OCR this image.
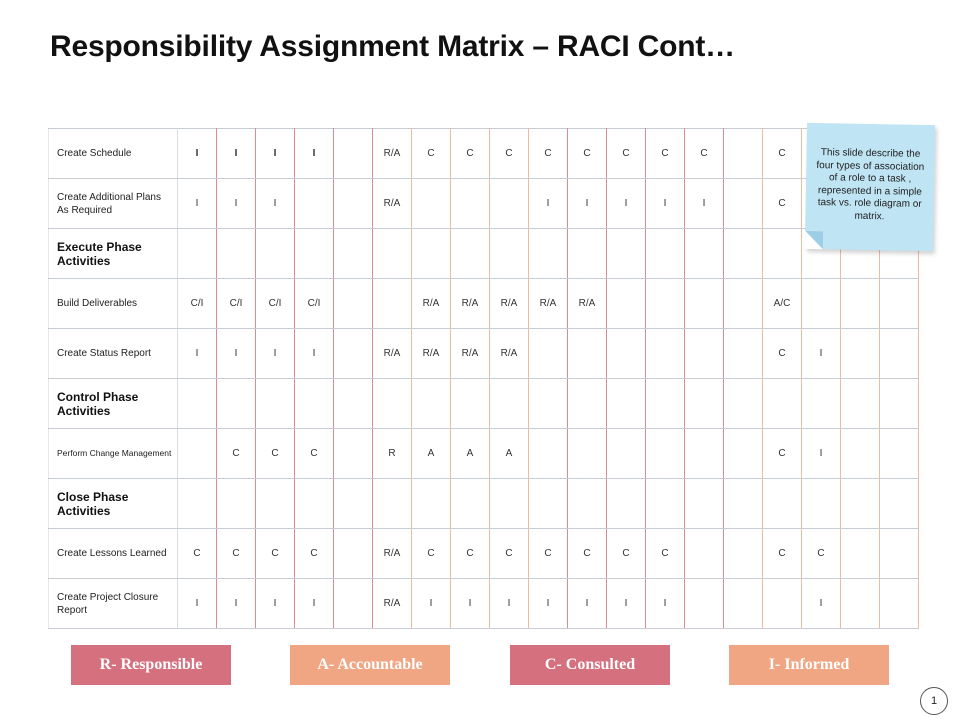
Responsibility Assignment Matrix – RACI Cont…
Create Schedule	I	I	I	I		R/A	C	C	C	C	C	C	C	C		C			
Create Additional Plans As Required	I	I	I			R/A				I	I	I	I	I		C			
Execute Phase Activities																			
Build Deliverables	C/I	C/I	C/I	C/I			R/A	R/A	R/A	R/A	R/A					A/C			
Create Status Report	I	I	I	I		R/A	R/A	R/A	R/A							C	I		
Control Phase Activities																			
Perform Change Management		C	C	C		R	A	A	A							C	I		
Close Phase Activities																			
Create Lessons Learned	C	C	C	C		R/A	C	C	C	C	C	C	C			C	C		
Create Project Closure Report	I	I	I	I		R/A	I	I	I	I	I	I	I				I		
This slide describe the four types of association of a role to a task , represented in a simple task vs. role diagram or matrix.
R- Responsible	A- Accountable	C- Consulted	I- Informed
1
